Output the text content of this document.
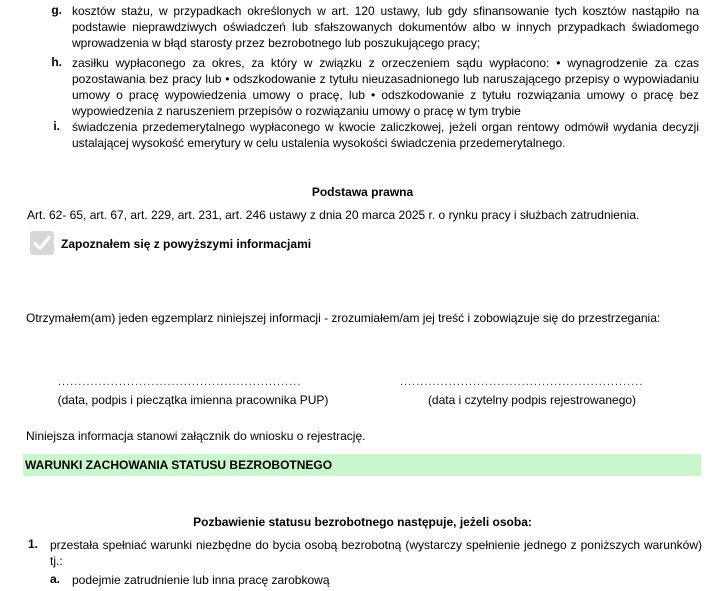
g. kosztów stażu, w przypadkach określonych w art. 120 ustawy, lub gdy sfinansowanie tych kosztów nastąpiło na podstawie nieprawdziwych oświadczeń lub sfałszowanych dokumentów albo w innych przypadkach świadomego wprowadzenia w błąd starosty przez bezrobotnego lub poszukującego pracy;
h. zasiłku wypłaconego za okres, za który w związku z orzeczeniem sądu wypłacono: • wynagrodzenie za czas pozostawania bez pracy lub • odszkodowanie z tytułu nieuzasadnionego lub naruszającego przepisy o wypowiadaniu umowy o pracę wypowiedzenia umowy o pracę, lub • odszkodowanie z tytułu rozwiązania umowy o pracę bez wypowiedzenia z naruszeniem przepisów o rozwiązaniu umowy o pracę w tym trybie
i. świadczenia przedemerytalnego wypłaconego w kwocie zaliczkowej, jeżeli organ rentowy odmówił wydania decyzji ustalającej wysokość emerytury w celu ustalenia wysokości świadczenia przedemerytalnego.
Podstawa prawna
Art. 62- 65, art. 67, art. 229, art. 231, art. 246 ustawy z dnia 20 marca 2025 r. o rynku pracy i służbach zatrudnienia.
Zapoznałem się z powyższymi informacjami
Otrzymałem(am) jeden egzemplarz niniejszej informacji - zrozumiałem/am jej treść i zobowiązuje się do przestrzegania:
............................................................	............................................................
(data, podpis i pieczątka imienna pracownika PUP)	(data i czytelny podpis rejestrowanego)
Niniejsza informacja stanowi załącznik do wniosku o rejestrację.
WARUNKI ZACHOWANIA STATUSU BEZROBOTNEGO
Pozbawienie statusu bezrobotnego następuje, jeżeli osoba:
1. przestała spełniać warunki niezbędne do bycia osobą bezrobotną (wystarczy spełnienie jednego z poniższych warunków) tj.:
a. podejmie zatrudnienie lub inna pracę zarobkową
